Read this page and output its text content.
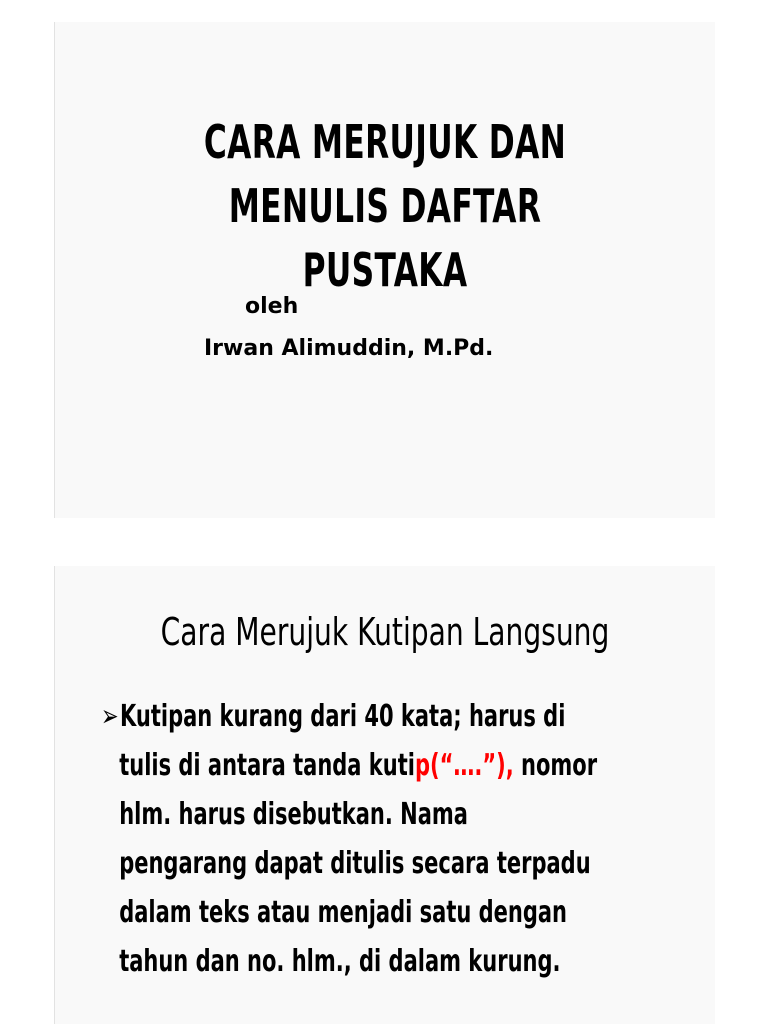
CARA MERUJUK DAN
MENULIS DAFTAR PUSTAKA
oleh
Irwan Alimuddin, M.Pd.
Cara Merujuk Kutipan Langsung
➢Kutipan kurang dari 40 kata; harus di
tulis di antara tanda kutip(“….”), nomor
hlm. harus disebutkan. Nama
pengarang dapat ditulis secara terpadu
dalam teks atau menjadi satu dengan
tahun dan no. hlm., di dalam kurung.
